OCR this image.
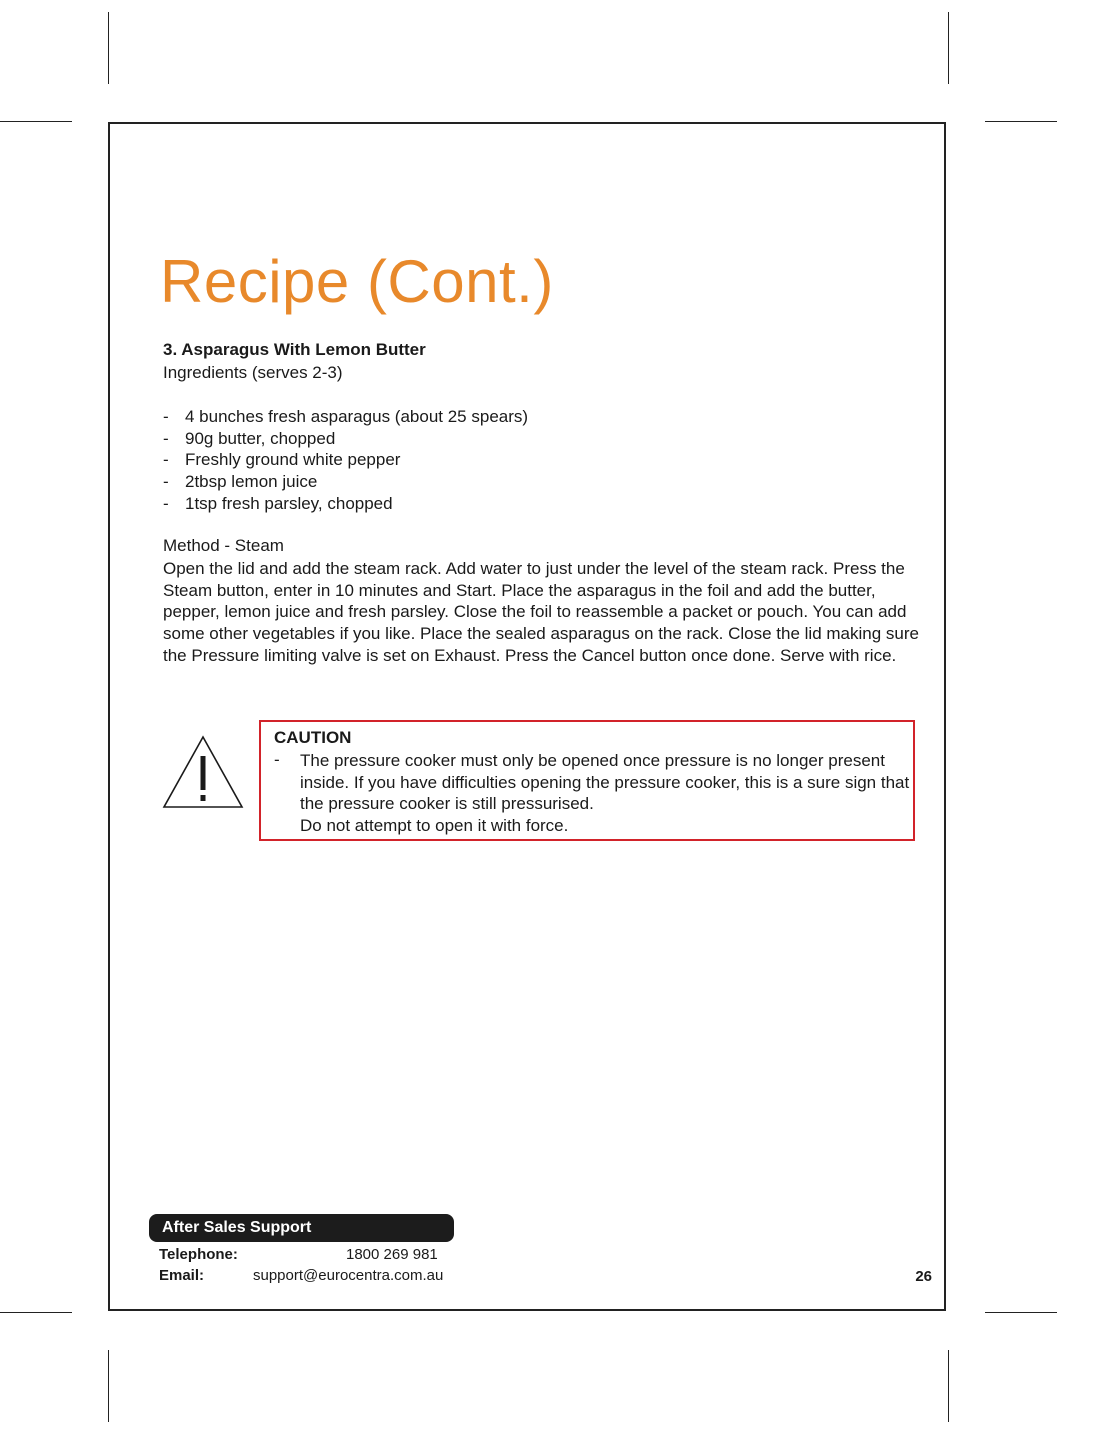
Recipe (Cont.)

3. Asparagus With Lemon Butter

Ingredients (serves 2-3)

- 4 bunches fresh asparagus (about 25 spears)
- 90g butter, chopped
- Freshly ground white pepper
- 2tbsp lemon juice
- 1tsp fresh parsley, chopped

Method - Steam

Open the lid and add the steam rack. Add water to just under the level of the steam rack. Press the Steam button, enter in 10 minutes and Start. Place the asparagus in the foil and add the butter, pepper, lemon juice and fresh parsley. Close the foil to reassemble a packet or pouch. You can add some other vegetables if you like. Place the sealed asparagus on the rack. Close the lid making sure the Pressure limiting valve is set on Exhaust. Press the Cancel button once done. Serve with rice.

CAUTION

- The pressure cooker must only be opened once pressure is no longer present inside. If you have difficulties opening the pressure cooker, this is a sure sign that the pressure cooker is still pressurised.
Do not attempt to open it with force.

After Sales Support
Telephone:	1800 269 981
Email:	support@eurocentra.com.au	26
